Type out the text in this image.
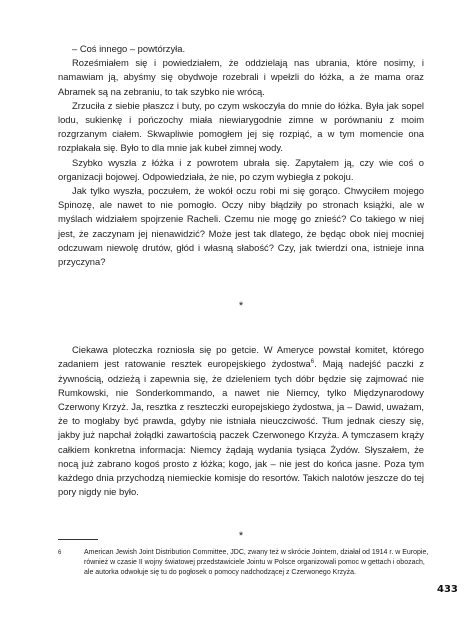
– Coś innego – powtórzyła.

Roześmiałem się i powiedziałem, że oddzielają nas ubrania, które nosimy, i namawiam ją, abyśmy się obydwoje rozebrali i wpełzli do łóżka, a że mama oraz Abramek są na zebraniu, to tak szybko nie wrócą.

Zrzuciła z siebie płaszcz i buty, po czym wskoczyła do mnie do łóżka. Była jak sopel lodu, sukienkę i pończochy miała niewiarygodnie zimne w porównaniu z moim rozgrzanym ciałem. Skwapliwie pomogłem jej się rozpiąć, a w tym momencie ona rozpłakała się. Było to dla mnie jak kubeł zimnej wody.

Szybko wyszła z łóżka i z powrotem ubrała się. Zapytałem ją, czy wie coś o organizacji bojowej. Odpowiedziała, że nie, po czym wybiegła z pokoju.

Jak tylko wyszła, poczułem, że wokół oczu robi mi się gorąco. Chwyciłem mojego Spinozę, ale nawet to nie pomogło. Oczy niby błądziły po stronach książki, ale w myślach widziałem spojrzenie Racheli. Czemu nie mogę go znieść? Co takiego w niej jest, że zaczynam jej nienawidzić? Może jest tak dlatego, że będąc obok niej mocniej odczuwam niewolę drutów, głód i własną słabość? Czy, jak twierdzi ona, istnieje inna przyczyna?

*

Ciekawa ploteczka rozniosła się po getcie. W Ameryce powstał komitet, którego zadaniem jest ratowanie resztek europejskiego żydostwa$^6$. Mają nadejść paczki z żywnością, odzieżą i zapewnia się, że dzieleniem tych dóbr będzie się zajmować nie Rumkowski, nie Sonderkommando, a nawet nie Niemcy, tylko Międzynarodowy Czerwony Krzyż. Ja, resztka z reszteczki europejskiego żydostwa, ja – Dawid, uważam, że to mogłaby być prawda, gdyby nie istniała nieuczciwość. Tłum jednak cieszy się, jakby już napchał żołądki zawartością paczek Czerwonego Krzyża. A tymczasem krąży całkiem konkretna informacja: Niemcy żądają wydania tysiąca Żydów. Słyszałem, że nocą już zabrano kogoś prosto z łóżka; kogo, jak – nie jest do końca jasne. Poza tym każdego dnia przychodzą niemieckie komisje do resortów. Takich nalotów jeszcze do tej pory nigdy nie było.

*
6	American Jewish Joint Distribution Committee, JDC, zwany też w skrócie Jointem, działał od 1914 r. w Europie, również w czasie II wojny światowej przedstawiciele Jointu w Polsce organizowali pomoc w gettach i obozach, ale autorka odwołuje się tu do pogłosek o pomocy nadchodzącej z Czerwonego Krzyża.
433
